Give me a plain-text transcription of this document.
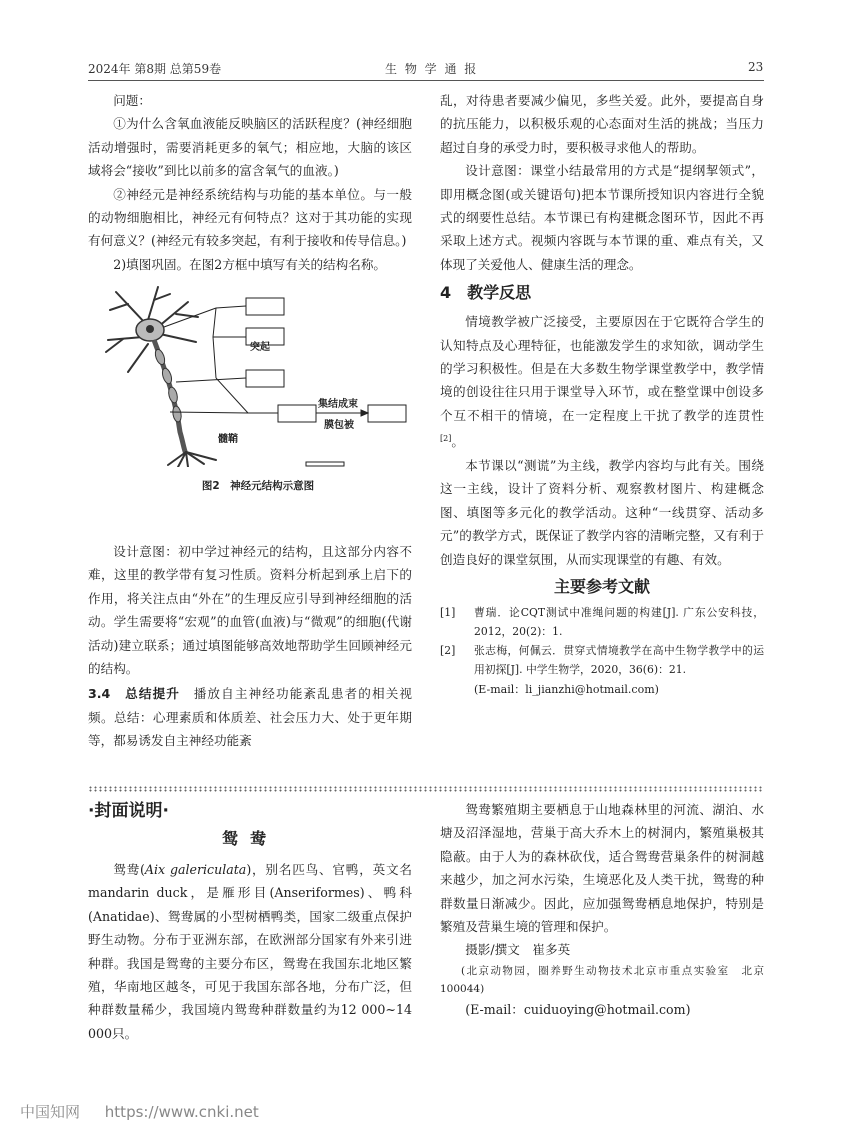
2024年 第8期 总第59卷	生 物 学 通 报	23

问题：

①为什么含氧血液能反映脑区的活跃程度？(神经细胞活动增强时，需要消耗更多的氧气；相应地，大脑的该区域将会“接收”到比以前多的富含氧气的血液。)

②神经元是神经系统结构与功能的基本单位。与一般的动物细胞相比，神经元有何特点？这对于其功能的实现有何意义？(神经元有较多突起，有利于接收和传导信息。)

2)填图巩固。在图2方框中填写有关的结构名称。

突起
髓鞘
集结成束
膜包被
图2　神经元结构示意图

设计意图：初中学过神经元的结构，且这部分内容不难，这里的教学带有复习性质。资料分析起到承上启下的作用，将关注点由“外在”的生理反应引导到神经细胞的活动。学生需要将“宏观”的血管(血液)与“微观”的细胞(代谢活动)建立联系；通过填图能够高效地帮助学生回顾神经元的结构。

3.4　总结提升　 播放自主神经功能紊乱患者的相关视频。总结：心理素质和体质差、社会压力大、处于更年期等，都易诱发自主神经功能紊

乱，对待患者要减少偏见，多些关爱。此外，要提高自身的抗压能力，以积极乐观的心态面对生活的挑战；当压力超过自身的承受力时，要积极寻求他人的帮助。

设计意图：课堂小结最常用的方式是“提纲挈领式”，即用概念图(或关键语句)把本节课所授知识内容进行全貌式的纲要性总结。本节课已有构建概念图环节，因此不再采取上述方式。视频内容既与本节课的重、难点有关，又体现了关爱他人、健康生活的理念。

4　教学反思

情境教学被广泛接受，主要原因在于它既符合学生的认知特点及心理特征，也能激发学生的求知欲，调动学生的学习积极性。但是在大多数生物学课堂教学中，教学情境的创设往往只用于课堂导入环节，或在整堂课中创设多个互不相干的情境，在一定程度上干扰了教学的连贯性[2]。

本节课以“测谎”为主线，教学内容均与此有关。围绕这一主线，设计了资料分析、观察教材图片、构建概念图、填图等多元化的教学活动。这种“一线贯穿、活动多元”的教学方式，既保证了教学内容的清晰完整，又有利于创造良好的课堂氛围，从而实现课堂的有趣、有效。

主要参考文献
[1]	曹瑞．论CQT测试中准绳问题的构建[J]. 广东公安科技，2012，20(2)：1.
[2]	张志梅，何佩云．贯穿式情境教学在高中生物学教学中的运用初探[J]. 中学生物学，2020，36(6)：21.
(E-mail：li_jianzhi@hotmail.com)
·封面说明·
鸳鸯

鸳鸯(Aix galericulata)，别名匹鸟、官鸭，英文名 mandarin duck，是雁形目(Anseriformes)、鸭科(Anatidae)、鸳鸯属的小型树栖鸭类，国家二级重点保护野生动物。分布于亚洲东部，在欧洲部分国家有外来引进种群。我国是鸳鸯的主要分布区，鸳鸯在我国东北地区繁殖，华南地区越冬，可见于我国东部各地，分布广泛，但种群数量稀少，我国境内鸳鸯种群数量约为12 000~14 000只。

鸳鸯繁殖期主要栖息于山地森林里的河流、湖泊、水塘及沼泽湿地，营巢于高大乔木上的树洞内，繁殖巢极其隐蔽。由于人为的森林砍伐，适合鸳鸯营巢条件的树洞越来越少，加之河水污染，生境恶化及人类干扰，鸳鸯的种群数量日渐减少。因此，应加强鸳鸯栖息地保护，特别是繁殖及营巢生境的管理和保护。

摄影/撰文　崔多英

(北京动物园，圈养野生动物技术北京市重点实验室　北京　100044)

(E-mail：cuiduoying@hotmail.com)

中国知网 https://www.cnki.net
